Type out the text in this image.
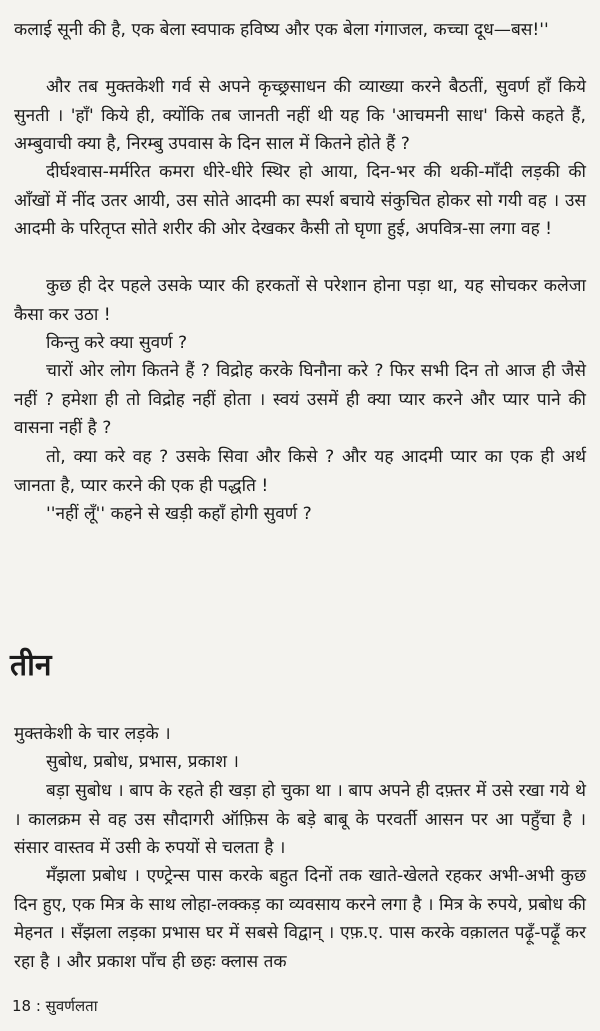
कलाई सूनी की है, एक बेला स्वपाक हविष्य और एक बेला गंगाजल, कच्चा दूध—बस!''

और तब मुक्तकेशी गर्व से अपने कृच्छ्रसाधन की व्याख्या करने बैठतीं, सुवर्ण हाँ किये सुनती । 'हाँ' किये ही, क्योंकि तब जानती नहीं थी यह कि 'आचमनी साध' किसे कहते हैं, अम्बुवाची क्या है, निरम्बु उपवास के दिन साल में कितने होते हैं ?

दीर्घश्वास-मर्मरित कमरा धीरे-धीरे स्थिर हो आया, दिन-भर की थकी-माँदी लड़की की आँखों में नींद उतर आयी, उस सोते आदमी का स्पर्श बचाये संकुचित होकर सो गयी वह । उस आदमी के परितृप्त सोते शरीर की ओर देखकर कैसी तो घृणा हुई, अपवित्र-सा लगा वह !

कुछ ही देर पहले उसके प्यार की हरकतों से परेशान होना पड़ा था, यह सोचकर कलेजा कैसा कर उठा !

किन्तु करे क्या सुवर्ण ?

चारों ओर लोग कितने हैं ? विद्रोह करके घिनौना करे ? फिर सभी दिन तो आज ही जैसे नहीं ? हमेशा ही तो विद्रोह नहीं होता । स्वयं उसमें ही क्या प्यार करने और प्यार पाने की वासना नहीं है ?

तो, क्या करे वह ? उसके सिवा और किसे ? और यह आदमी प्यार का एक ही अर्थ जानता है, प्यार करने की एक ही पद्धति !

''नहीं लूँ'' कहने से खड़ी कहाँ होगी सुवर्ण ?

तीन

मुक्तकेशी के चार लड़के ।

सुबोध, प्रबोध, प्रभास, प्रकाश ।

बड़ा सुबोध । बाप के रहते ही खड़ा हो चुका था । बाप अपने ही दफ़्तर में उसे रखा गये थे । कालक्रम से वह उस सौदागरी ऑफ़िस के बड़े बाबू के परवर्ती आसन पर आ पहुँचा है । संसार वास्तव में उसी के रुपयों से चलता है ।

मँझला प्रबोध । एण्ट्रेन्स पास करके बहुत दिनों तक खाते-खेलते रहकर अभी-अभी कुछ दिन हुए, एक मित्र के साथ लोहा-लक्कड़ का व्यवसाय करने लगा है । मित्र के रुपये, प्रबोध की मेहनत । सँझला लड़का प्रभास घर में सबसे विद्वान् । एफ़.ए. पास करके वक़ालत पढ़ूँ-पढ़ूँ कर रहा है । और प्रकाश पाँच ही छहः क्लास तक

18 : सुवर्णलता
